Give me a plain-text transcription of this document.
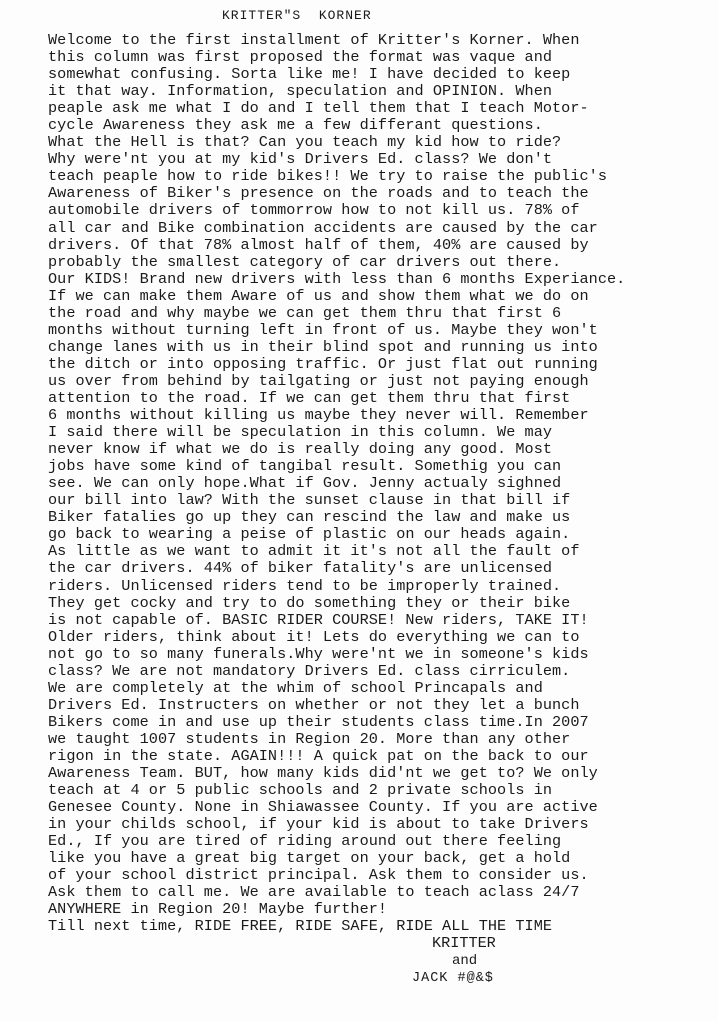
KRITTER"S  KORNER
Welcome to the first installment of Kritter's Korner. When
this column was first proposed the format was vaque and
somewhat confusing. Sorta like me! I have decided to keep
it that way. Information, speculation and OPINION. When
peaple ask me what I do and I tell them that I teach Motor-
cycle Awareness they ask me a few differant questions.
What the Hell is that? Can you teach my kid how to ride?
Why were'nt you at my kid's Drivers Ed. class? We don't
teach peaple how to ride bikes!! We try to raise the public's
Awareness of Biker's presence on the roads and to teach the
automobile drivers of tommorrow how to not kill us. 78% of
all car and Bike combination accidents are caused by the car
drivers. Of that 78% almost half of them, 40% are caused by
probably the smallest category of car drivers out there.
Our KIDS! Brand new drivers with less than 6 months Experiance.
If we can make them Aware of us and show them what we do on
the road and why maybe we can get them thru that first 6
months without turning left in front of us. Maybe they won't
change lanes with us in their blind spot and running us into
the ditch or into opposing traffic. Or just flat out running
us over from behind by tailgating or just not paying enough
attention to the road. If we can get them thru that first
6 months without killing us maybe they never will. Remember
I said there will be speculation in this column. We may
never know if what we do is really doing any good. Most
jobs have some kind of tangibal result. Somethig you can
see. We can only hope.What if Gov. Jenny actualy sighned
our bill into law? With the sunset clause in that bill if
Biker fatalies go up they can rescind the law and make us
go back to wearing a peise of plastic on our heads again.
As little as we want to admit it it's not all the fault of
the car drivers. 44% of biker fatality's are unlicensed
riders. Unlicensed riders tend to be improperly trained.
They get cocky and try to do something they or their bike
is not capable of. BASIC RIDER COURSE! New riders, TAKE IT!
Older riders, think about it! Lets do everything we can to
not go to so many funerals.Why were'nt we in someone's kids
class? We are not mandatory Drivers Ed. class cirriculem.
We are completely at the whim of school Princapals and
Drivers Ed. Instructers on whether or not they let a bunch
Bikers come in and use up their students class time.In 2007
we taught 1007 students in Region 20. More than any other
rigon in the state. AGAIN!!! A quick pat on the back to our
Awareness Team. BUT, how many kids did'nt we get to? We only
teach at 4 or 5 public schools and 2 private schools in
Genesee County. None in Shiawassee County. If you are active
in your childs school, if your kid is about to take Drivers
Ed., If you are tired of riding around out there feeling
like you have a great big target on your back, get a hold
of your school district principal. Ask them to consider us.
Ask them to call me. We are available to teach aclass 24/7
ANYWHERE in Region 20! Maybe further!
Till next time, RIDE FREE, RIDE SAFE, RIDE ALL THE TIME
KRITTER
and
JACK #@&$
